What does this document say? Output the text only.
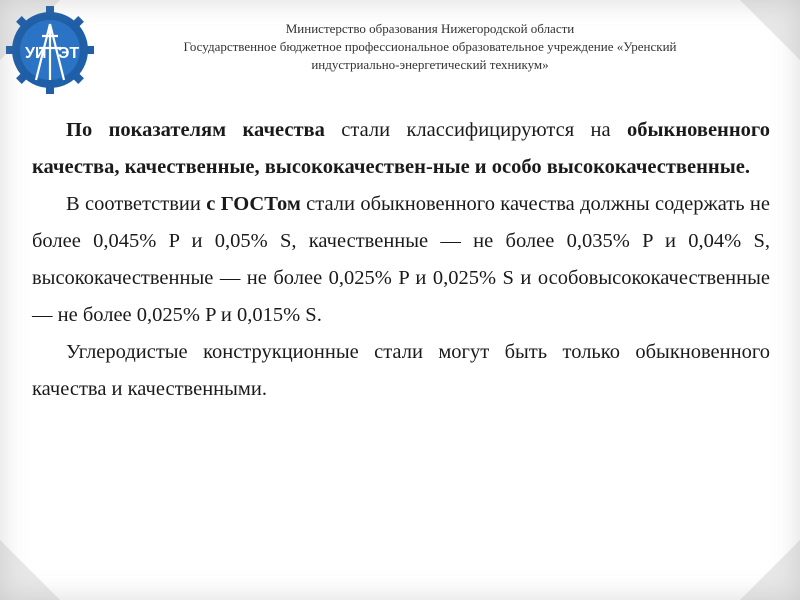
УИ ЭТ
Министерство образования Нижегородской области
Государственное бюджетное профессиональное образовательное учреждение «Уренский
индустриально-энергетический техникум»

По показателям качества стали классифицируются на обыкновенного качества, качественные, высококачествен-ные и особо высококачественные.

В соответствии с ГОСТом стали обыкновенного качества должны содержать не более 0,045% P и 0,05% S, качественные — не более 0,035% P и 0,04% S, высококачественные — не более 0,025% P и 0,025% S и особовысококачественные — не более 0,025% P и 0,015% S.

Углеродистые конструкционные стали могут быть только обыкновенного качества и качественными.
